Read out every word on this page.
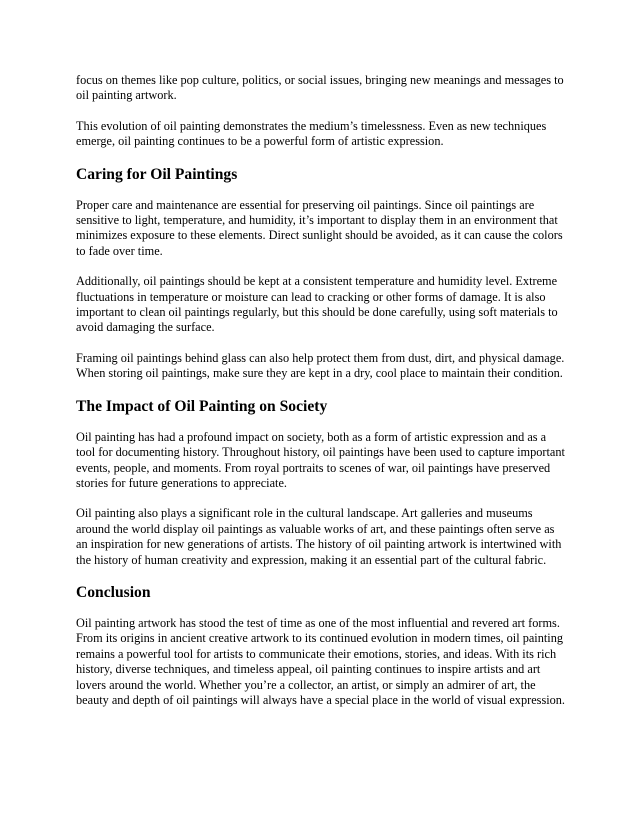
focus on themes like pop culture, politics, or social issues, bringing new meanings and messages to oil painting artwork.

This evolution of oil painting demonstrates the medium’s timelessness. Even as new techniques emerge, oil painting continues to be a powerful form of artistic expression.

Caring for Oil Paintings

Proper care and maintenance are essential for preserving oil paintings. Since oil paintings are sensitive to light, temperature, and humidity, it’s important to display them in an environment that minimizes exposure to these elements. Direct sunlight should be avoided, as it can cause the colors to fade over time.

Additionally, oil paintings should be kept at a consistent temperature and humidity level. Extreme fluctuations in temperature or moisture can lead to cracking or other forms of damage. It is also important to clean oil paintings regularly, but this should be done carefully, using soft materials to avoid damaging the surface.

Framing oil paintings behind glass can also help protect them from dust, dirt, and physical damage. When storing oil paintings, make sure they are kept in a dry, cool place to maintain their condition.

The Impact of Oil Painting on Society

Oil painting has had a profound impact on society, both as a form of artistic expression and as a tool for documenting history. Throughout history, oil paintings have been used to capture important events, people, and moments. From royal portraits to scenes of war, oil paintings have preserved stories for future generations to appreciate.

Oil painting also plays a significant role in the cultural landscape. Art galleries and museums around the world display oil paintings as valuable works of art, and these paintings often serve as an inspiration for new generations of artists. The history of oil painting artwork is intertwined with the history of human creativity and expression, making it an essential part of the cultural fabric.

Conclusion

Oil painting artwork has stood the test of time as one of the most influential and revered art forms. From its origins in ancient creative artwork to its continued evolution in modern times, oil painting remains a powerful tool for artists to communicate their emotions, stories, and ideas. With its rich history, diverse techniques, and timeless appeal, oil painting continues to inspire artists and art lovers around the world. Whether you’re a collector, an artist, or simply an admirer of art, the beauty and depth of oil paintings will always have a special place in the world of visual expression.
